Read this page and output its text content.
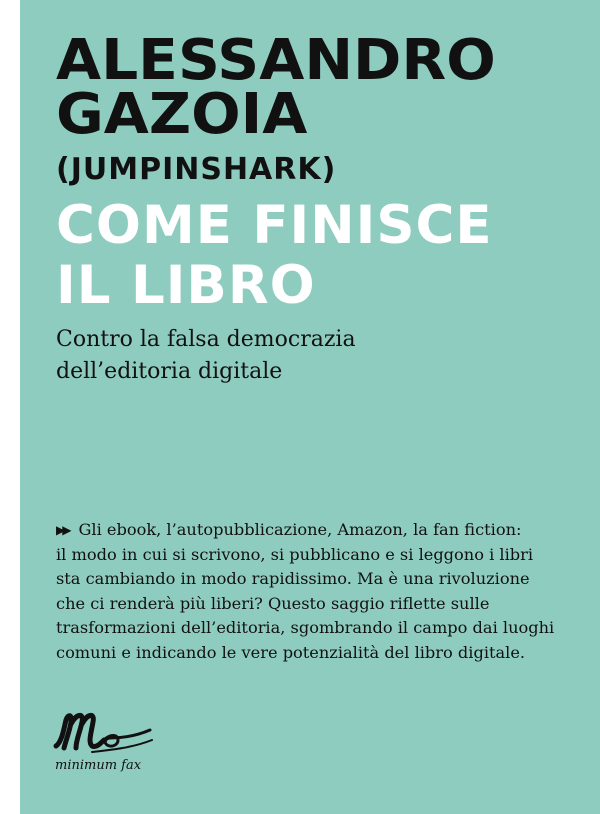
ALESSANDRO
GAZOIA
(JUMPINSHARK)
COME FINISCE
IL LIBRO
Contro la falsa democrazia
dell’editoria digitale
▶▶ Gli ebook, l’autopubblicazione, Amazon, la fan fiction:
il modo in cui si scrivono, si pubblicano e si leggono i libri
sta cambiando in modo rapidissimo. Ma è una rivoluzione
che ci renderà più liberi? Questo saggio riflette sulle
trasformazioni dell’editoria, sgombrando il campo dai luoghi
comuni e indicando le vere potenzialità del libro digitale.
minimum fax
